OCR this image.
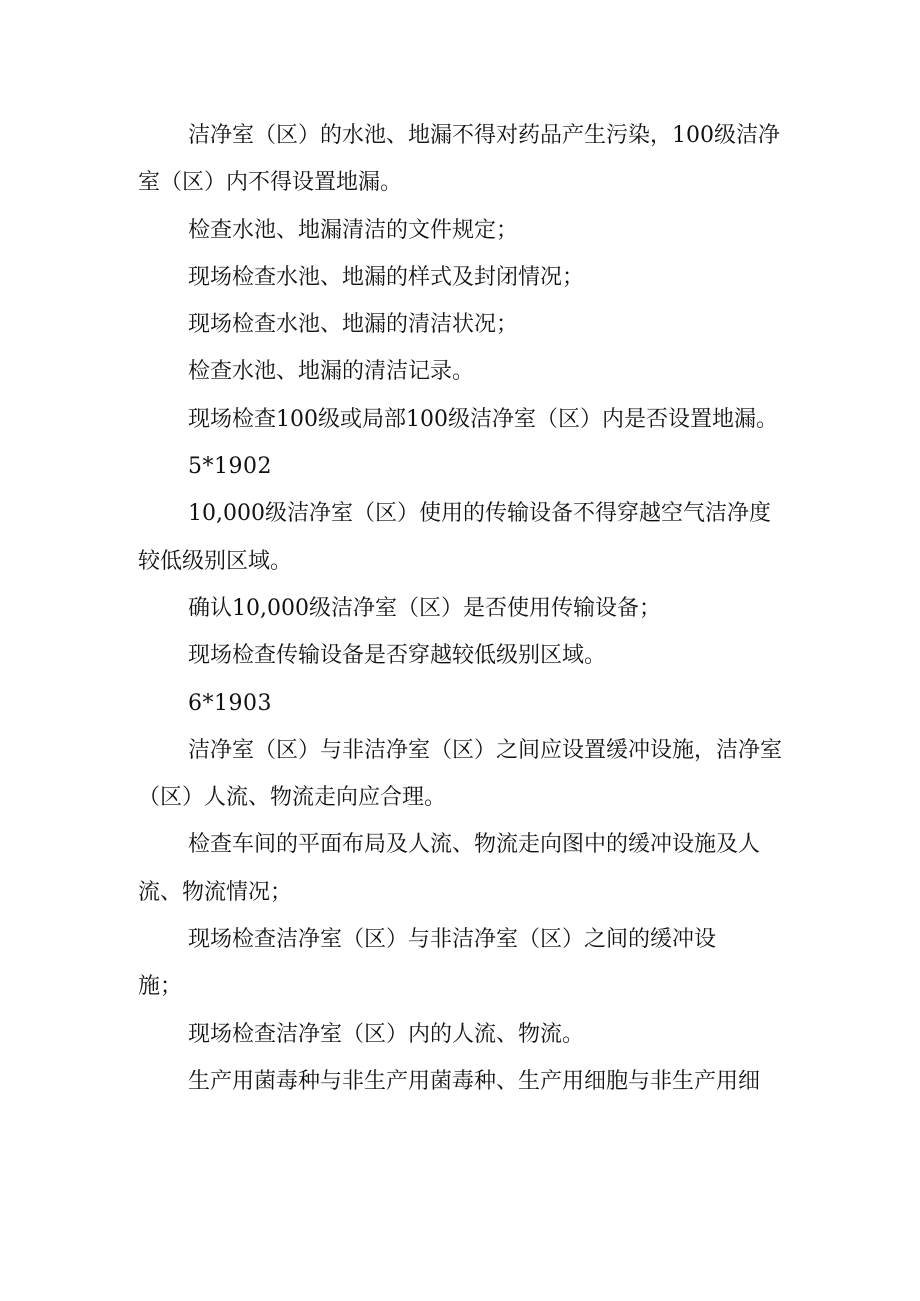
洁净室（区）的水池、地漏不得对药品产生污染，100级洁净室（区）内不得设置地漏。

检查水池、地漏清洁的文件规定；

现场检查水池、地漏的样式及封闭情况；

现场检查水池、地漏的清洁状况；

检查水池、地漏的清洁记录。

现场检查100级或局部100级洁净室（区）内是否设置地漏。

5*1902

10,000级洁净室（区）使用的传输设备不得穿越空气洁净度较低级别区域。

确认10,000级洁净室（区）是否使用传输设备；

现场检查传输设备是否穿越较低级别区域。

6*1903

洁净室（区）与非洁净室（区）之间应设置缓冲设施，洁净室（区）人流、物流走向应合理。

检查车间的平面布局及人流、物流走向图中的缓冲设施及人流、物流情况；

现场检查洁净室（区）与非洁净室（区）之间的缓冲设施；

现场检查洁净室（区）内的人流、物流。

生产用菌毒种与非生产用菌毒种、生产用细胞与非生产用细
